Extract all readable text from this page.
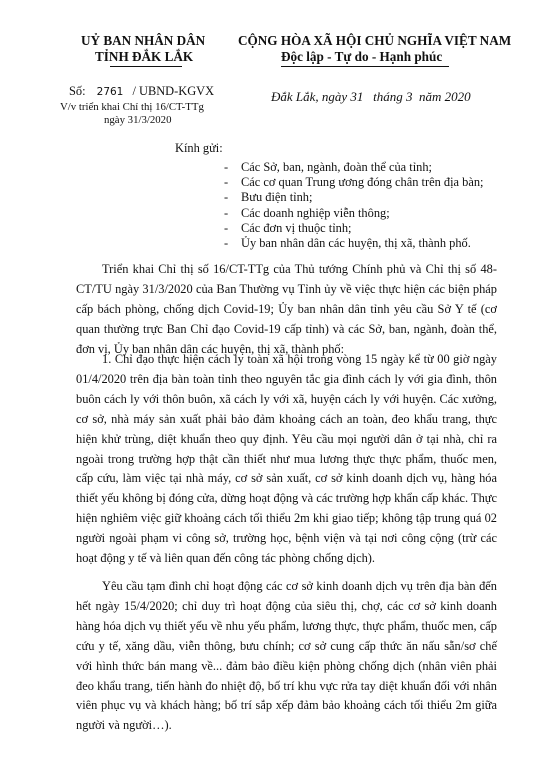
UỶ BAN NHÂN DÂN
TỈNH ĐẮK LẮK
CỘNG HÒA XÃ HỘI CHỦ NGHĨA VIỆT NAM
Độc lập - Tự do - Hạnh phúc
Số: 2761 / UBND-KGVX
V/v triển khai Chỉ thị 16/CT-TTg
ngày 31/3/2020
Đắk Lắk, ngày 31   tháng 3  năm 2020
Kính gửi:
-	Các Sở, ban, ngành, đoàn thể của tỉnh;
-	Các cơ quan Trung ương đóng chân trên địa bàn;
-	Bưu điện tỉnh;
-	Các doanh nghiệp viễn thông;
-	Các đơn vị thuộc tỉnh;
-	Ủy ban nhân dân các huyện, thị xã, thành phố.

Triển khai Chỉ thị số 16/CT-TTg của Thủ tướng Chính phủ và Chỉ thị số 48-CT/TU ngày 31/3/2020 của Ban Thường vụ Tỉnh ủy về việc thực hiện các biện pháp cấp bách phòng, chống dịch Covid-19; Ủy ban nhân dân tỉnh yêu cầu Sở Y tế (cơ quan thường trực Ban Chỉ đạo Covid-19 cấp tỉnh) và các Sở, ban, ngành, đoàn thể, đơn vị, Ủy ban nhân dân các huyện, thị xã, thành phố:

1. Chỉ đạo thực hiện cách ly toàn xã hội trong vòng 15 ngày kể từ 00 giờ ngày 01/4/2020 trên địa bàn toàn tỉnh theo nguyên tắc gia đình cách ly với gia đình, thôn buôn cách ly với thôn buôn, xã cách ly với xã, huyện cách ly với huyện. Các xưởng, cơ sở, nhà máy sản xuất phải bảo đảm khoảng cách an toàn, đeo khẩu trang, thực hiện khử trùng, diệt khuẩn theo quy định. Yêu cầu mọi người dân ở tại nhà, chỉ ra ngoài trong trường hợp thật cần thiết như mua lương thực thực phẩm, thuốc men, cấp cứu, làm việc tại nhà máy, cơ sở sản xuất, cơ sở kinh doanh dịch vụ, hàng hóa thiết yếu không bị đóng cửa, dừng hoạt động và các trường hợp khẩn cấp khác. Thực hiện nghiêm việc giữ khoảng cách tối thiểu 2m khi giao tiếp; không tập trung quá 02 người ngoài phạm vi công sở, trường học, bệnh viện và tại nơi công cộng (trừ các hoạt động y tế và liên quan đến công tác phòng chống dịch).

Yêu cầu tạm đình chỉ hoạt động các cơ sở kinh doanh dịch vụ trên địa bàn đến hết ngày 15/4/2020; chỉ duy trì hoạt động của siêu thị, chợ, các cơ sở kinh doanh hàng hóa dịch vụ thiết yếu về nhu yếu phẩm, lương thực, thực phẩm, thuốc men, cấp cứu y tế, xăng dầu, viễn thông, bưu chính; cơ sở cung cấp thức ăn nấu sẵn/sơ chế với hình thức bán mang về... đảm bảo điều kiện phòng chống dịch (nhân viên phải đeo khẩu trang, tiến hành đo nhiệt độ, bố trí khu vực rửa tay diệt khuẩn đối với nhân viên phục vụ và khách hàng; bố trí sắp xếp đảm bảo khoảng cách tối thiểu 2m giữa người và người…).
